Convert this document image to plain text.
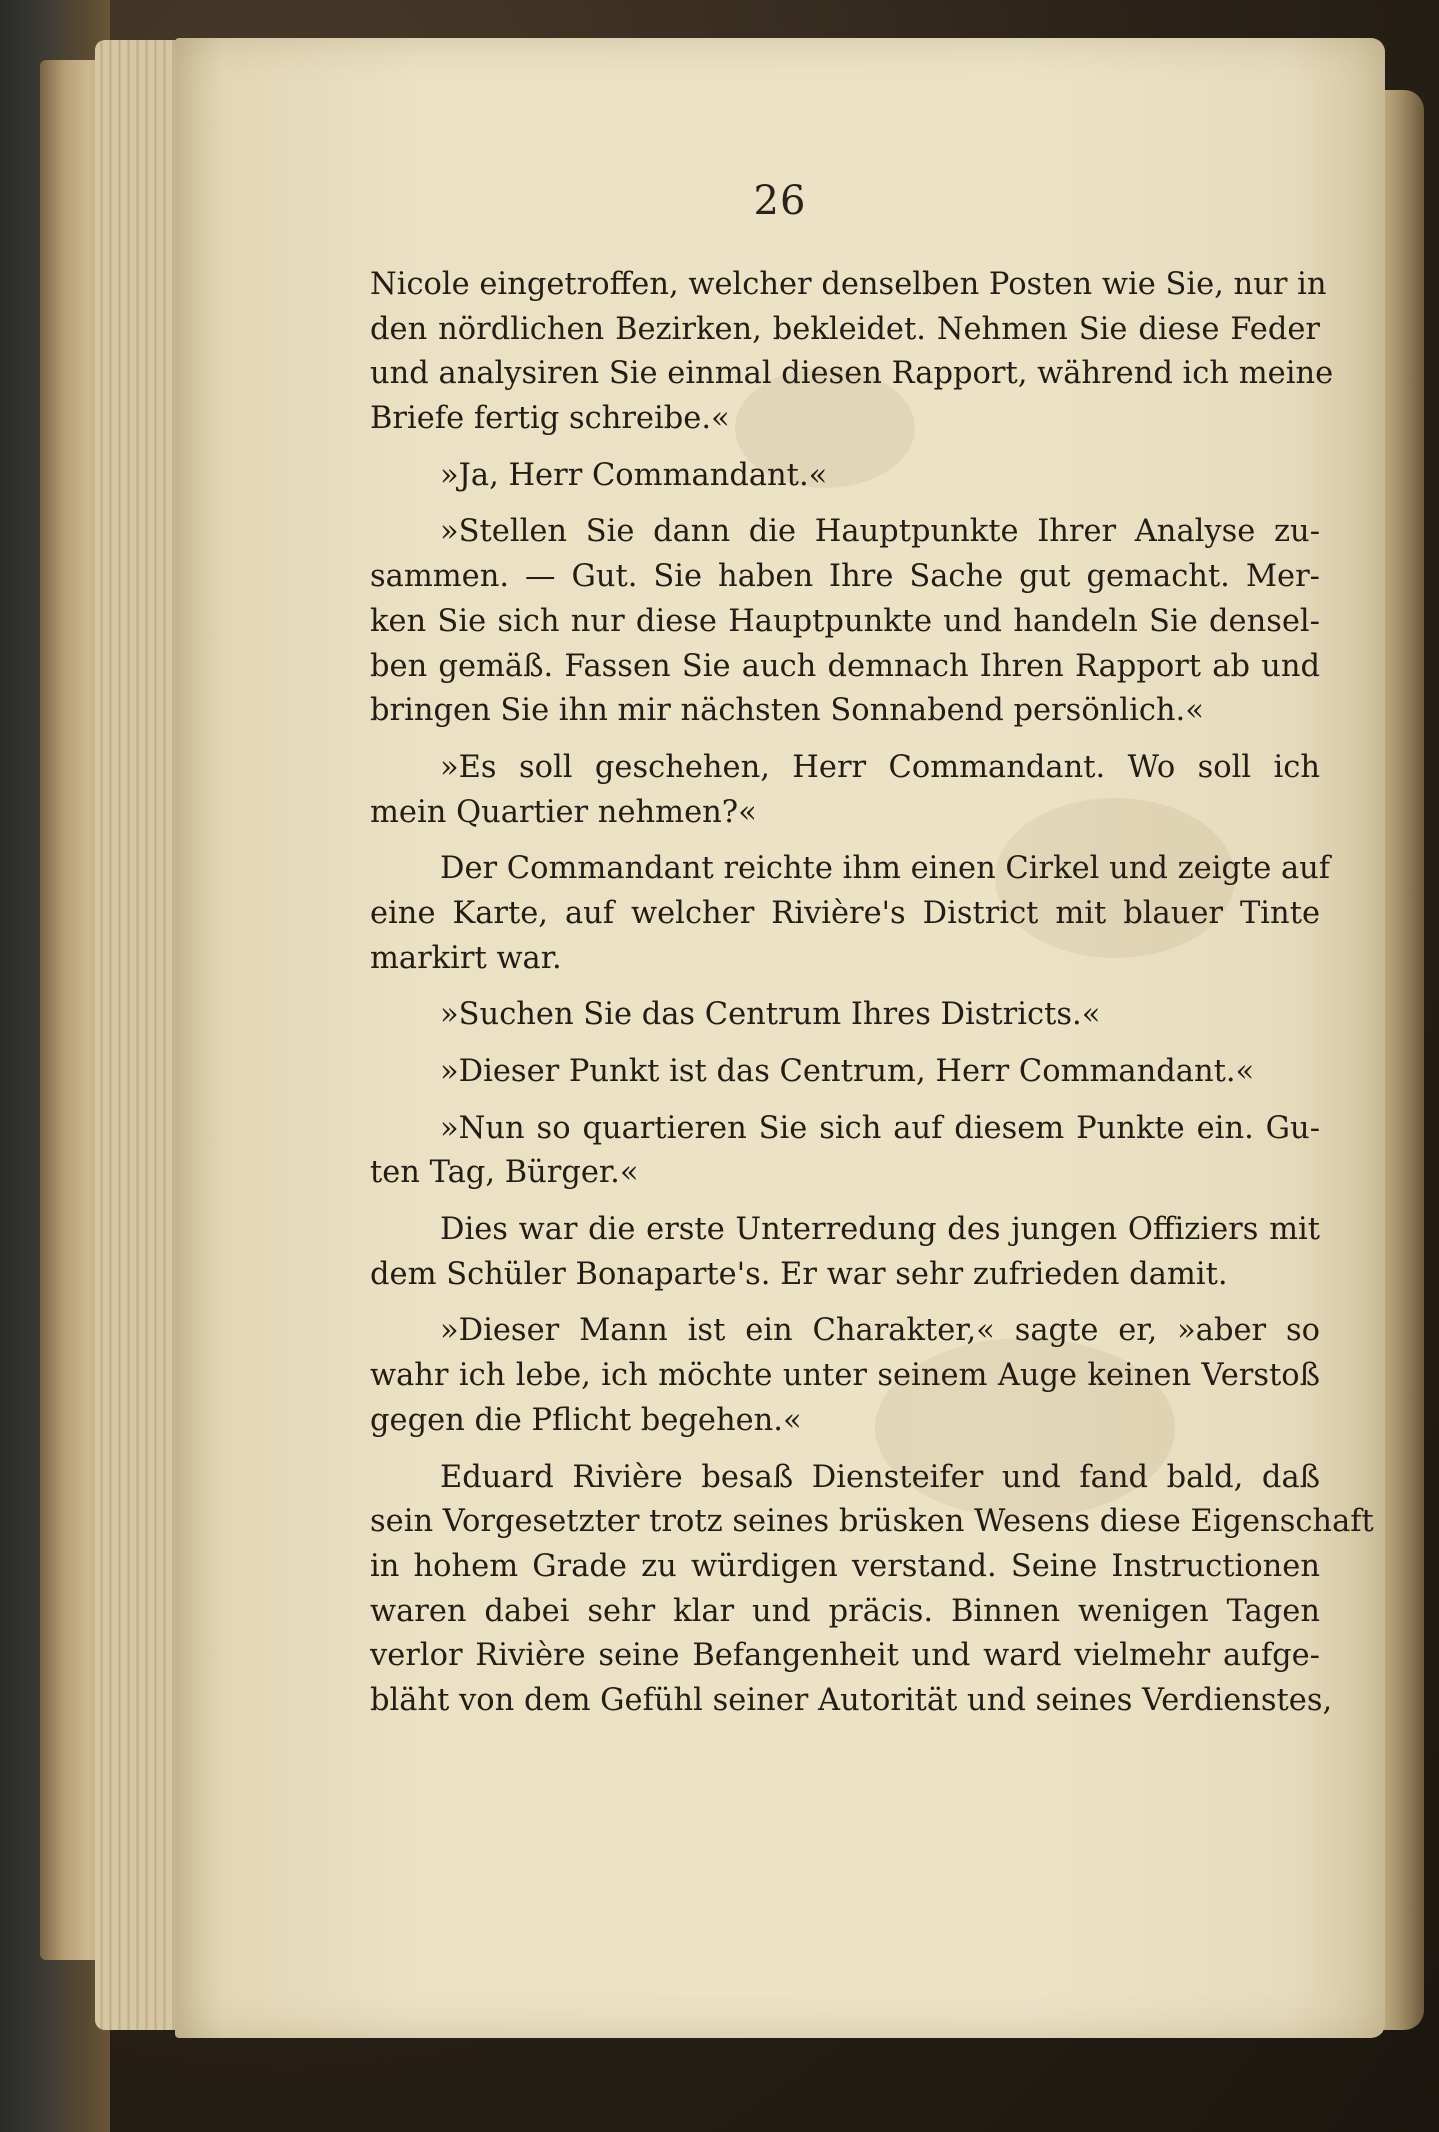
26

Nicole eingetroffen, welcher denselben Posten wie Sie, nur in
den nördlichen Bezirken, bekleidet. Nehmen Sie diese Feder
und analysiren Sie einmal diesen Rapport, während ich meine
Briefe fertig schreibe.«

»Ja, Herr Commandant.«

»Stellen Sie dann die Hauptpunkte Ihrer Analyse zu-
sammen. — Gut. Sie haben Ihre Sache gut gemacht. Mer-
ken Sie sich nur diese Hauptpunkte und handeln Sie densel-
ben gemäß. Fassen Sie auch demnach Ihren Rapport ab und
bringen Sie ihn mir nächsten Sonnabend persönlich.«

»Es soll geschehen, Herr Commandant. Wo soll ich
mein Quartier nehmen?«

Der Commandant reichte ihm einen Cirkel und zeigte auf
eine Karte, auf welcher Rivière's District mit blauer Tinte
markirt war.

»Suchen Sie das Centrum Ihres Districts.«

»Dieser Punkt ist das Centrum, Herr Commandant.«

»Nun so quartieren Sie sich auf diesem Punkte ein. Gu-
ten Tag, Bürger.«

Dies war die erste Unterredung des jungen Offiziers mit
dem Schüler Bonaparte's. Er war sehr zufrieden damit.

»Dieser Mann ist ein Charakter,« sagte er, »aber so
wahr ich lebe, ich möchte unter seinem Auge keinen Verstoß
gegen die Pflicht begehen.«

Eduard Rivière besaß Diensteifer und fand bald, daß
sein Vorgesetzter trotz seines brüsken Wesens diese Eigenschaft
in hohem Grade zu würdigen verstand. Seine Instructionen
waren dabei sehr klar und präcis. Binnen wenigen Tagen
verlor Rivière seine Befangenheit und ward vielmehr aufge-
bläht von dem Gefühl seiner Autorität und seines Verdienstes,
